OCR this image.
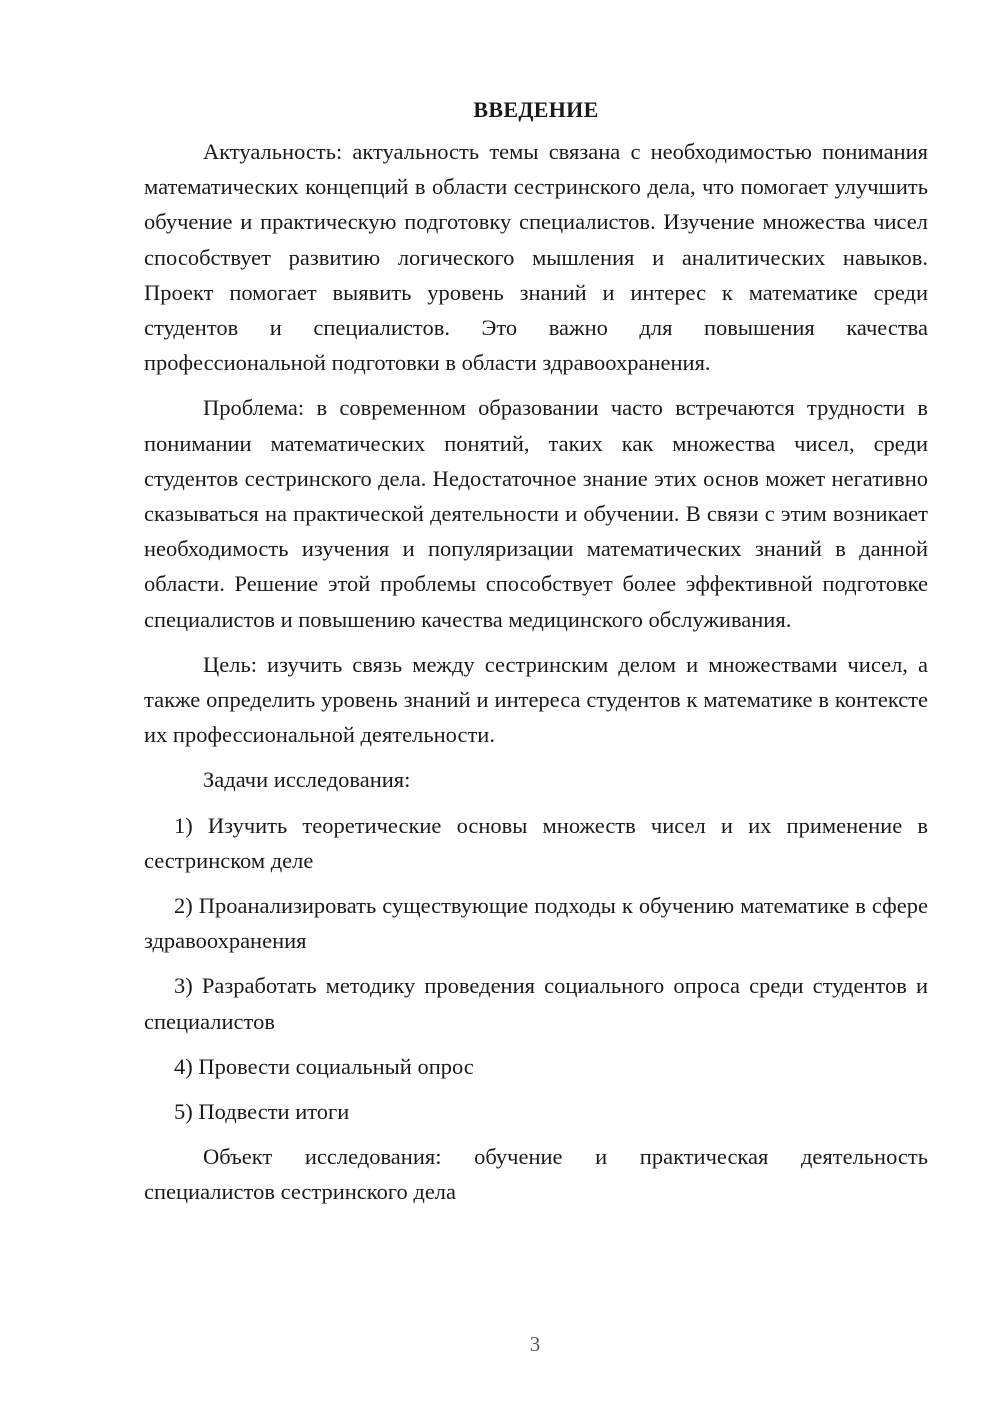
ВВЕДЕНИЕ

Актуальность: актуальность темы связана с необходимостью понимания математических концепций в области сестринского дела, что помогает улучшить обучение и практическую подготовку специалистов. Изучение множества чисел способствует развитию логического мышления и аналитических навыков. Проект помогает выявить уровень знаний и интерес к математике среди студентов и специалистов. Это важно для повышения качества профессиональной подготовки в области здравоохранения.

Проблема: в современном образовании часто встречаются трудности в понимании математических понятий, таких как множества чисел, среди студентов сестринского дела. Недостаточное знание этих основ может негативно сказываться на практической деятельности и обучении. В связи с этим возникает необходимость изучения и популяризации математических знаний в данной области. Решение этой проблемы способствует более эффективной подготовке специалистов и повышению качества медицинского обслуживания.

Цель: изучить связь между сестринским делом и множествами чисел, а также определить уровень знаний и интереса студентов к математике в контексте их профессиональной деятельности.

Задачи исследования:

1) Изучить теоретические основы множеств чисел и их применение в сестринском деле

2) Проанализировать существующие подходы к обучению математике в сфере здравоохранения

3) Разработать методику проведения социального опроса среди студентов и специалистов

4) Провести социальный опрос

5) Подвести итоги

Объект исследования: обучение и практическая деятельность специалистов сестринского дела

3
